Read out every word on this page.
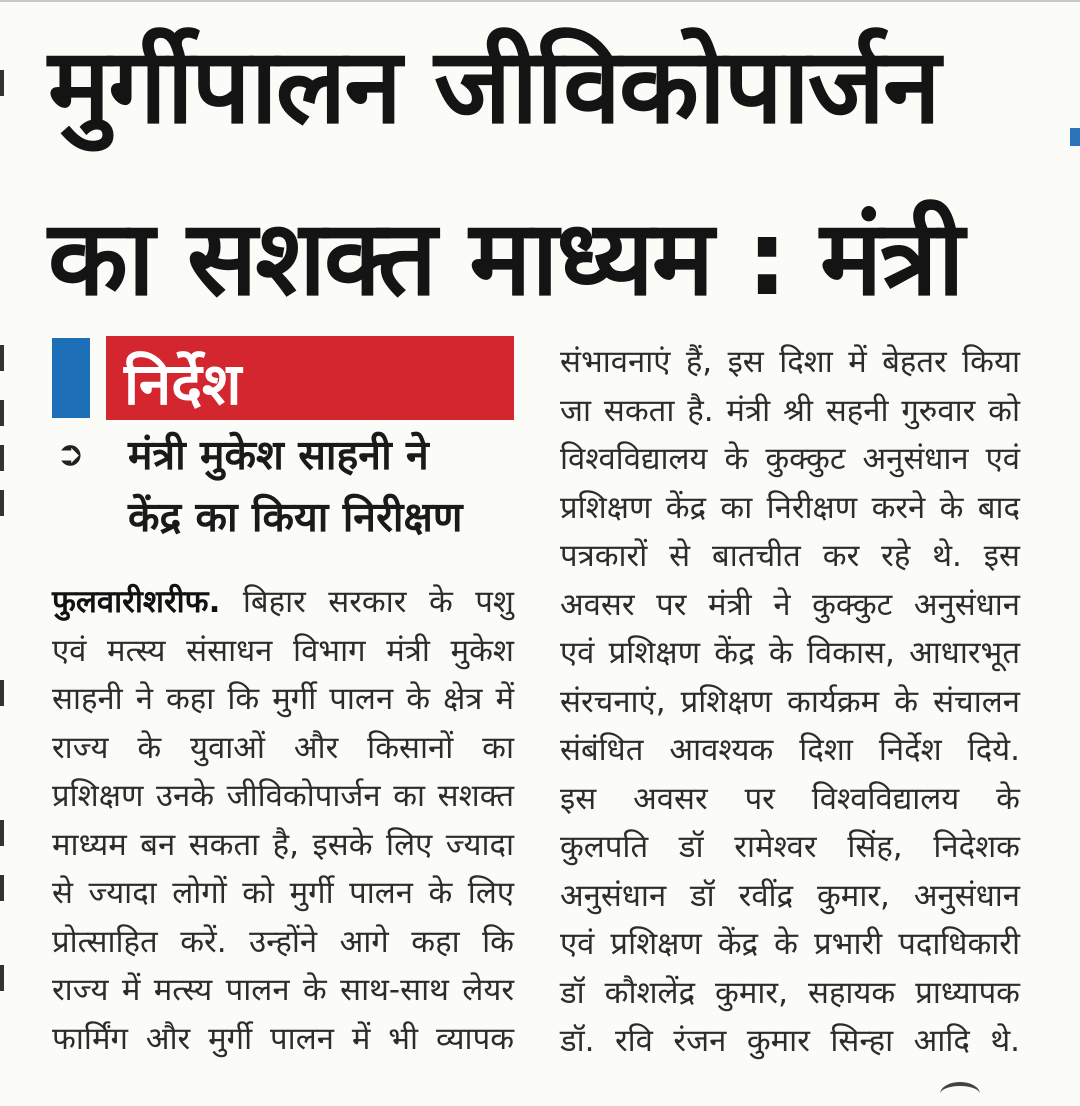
मुर्गीपालन जीविकोपार्जन
का सशक्त माध्यम : मंत्री
निर्देश
➲ मंत्री मुकेश साहनी ने
केंद्र का किया निरीक्षण
फुलवारीशरीफ. बिहार सरकार के पशु
एवं मत्स्य संसाधन विभाग मंत्री मुकेश
साहनी ने कहा कि मुर्गी पालन के क्षेत्र में
राज्य के युवाओं और किसानों का
प्रशिक्षण उनके जीविकोपार्जन का सशक्त
माध्यम बन सकता है, इसके लिए ज्यादा
से ज्यादा लोगों को मुर्गी पालन के लिए
प्रोत्साहित करें. उन्होंने आगे कहा कि
राज्य में मत्स्य पालन के साथ-साथ लेयर
फार्मिंग और मुर्गी पालन में भी व्यापक
संभावनाएं हैं, इस दिशा में बेहतर किया
जा सकता है. मंत्री श्री सहनी गुरुवार को
विश्वविद्यालय के कुक्कुट अनुसंधान एवं
प्रशिक्षण केंद्र का निरीक्षण करने के बाद
पत्रकारों से बातचीत कर रहे थे. इस
अवसर पर मंत्री ने कुक्कुट अनुसंधान
एवं प्रशिक्षण केंद्र के विकास, आधारभूत
संरचनाएं, प्रशिक्षण कार्यक्रम के संचालन
संबंधित आवश्यक दिशा निर्देश दिये.
इस अवसर पर विश्वविद्यालय के
कुलपति डॉ रामेश्वर सिंह, निदेशक
अनुसंधान डॉ रवींद्र कुमार, अनुसंधान
एवं प्रशिक्षण केंद्र के प्रभारी पदाधिकारी
डॉ कौशलेंद्र कुमार, सहायक प्राध्यापक
डॉ. रवि रंजन कुमार सिन्हा आदि थे.
